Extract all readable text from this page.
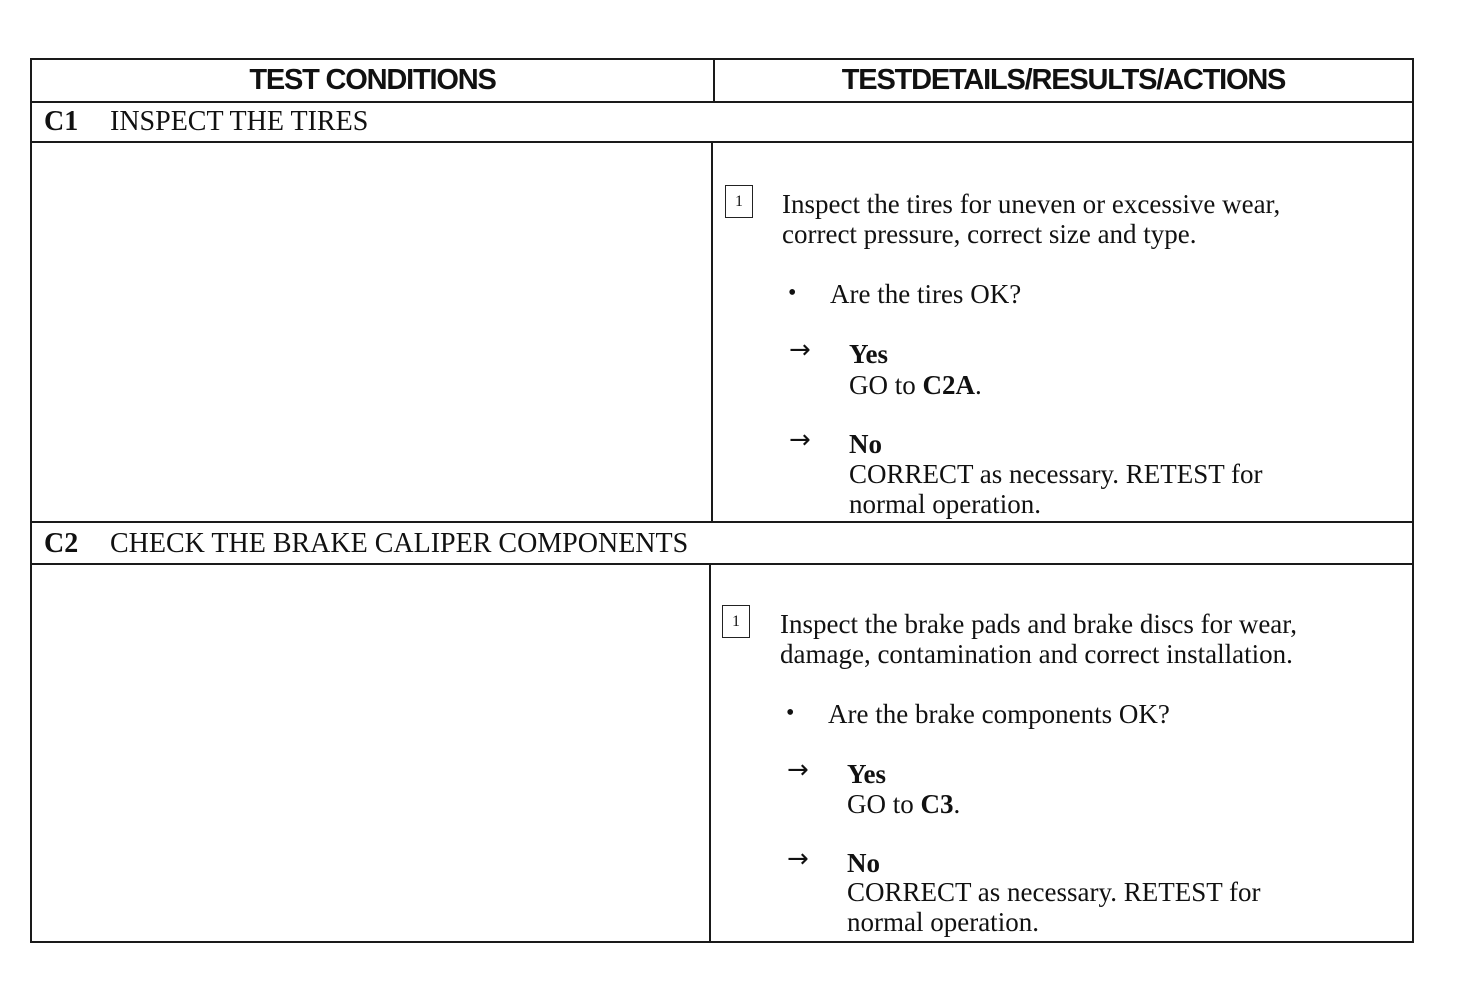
TEST CONDITIONS	TESTDETAILS/RESULTS/ACTIONS
C1 INSPECT THE TIRES
1	Inspect the tires for uneven or excessive wear,
correct pressure, correct size and type.
• Are the tires OK?
→ Yes
GO to C2A.
→ No
CORRECT as necessary. RETEST for
normal operation.
C2 CHECK THE BRAKE CALIPER COMPONENTS
1	Inspect the brake pads and brake discs for wear,
damage, contamination and correct installation.
• Are the brake components OK?
→ Yes
GO to C3.
→ No
CORRECT as necessary. RETEST for
normal operation.
